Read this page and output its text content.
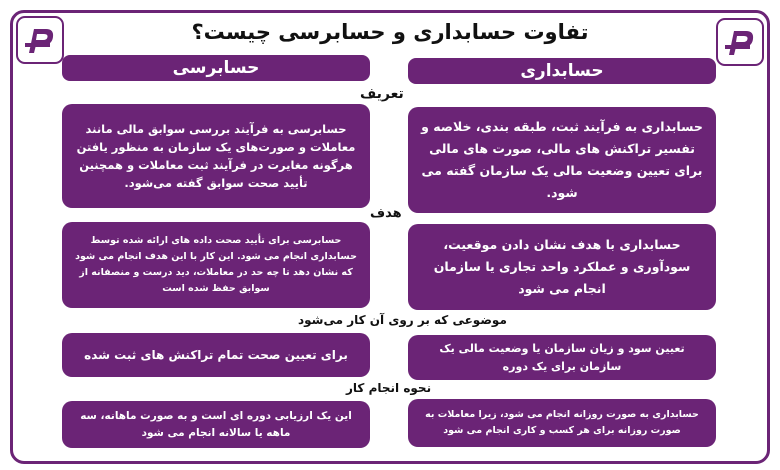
تفاوت حسابداری و حسابرسی چیست؟
حسابرسی	حسابداری
تعریف
حسابرسی به فرآیند بررسی سوابق مالی مانند معاملات و صورت‌های یک سازمان به منظور یافتن هرگونه مغایرت در فرآیند ثبت معاملات و همچنین تأیید صحت سوابق گفته می‌شود.
حسابداری به فرآیند ثبت، طبقه بندی، خلاصه و تفسیر تراکنش های مالی، صورت های مالی برای تعیین وضعیت مالی یک سازمان گفته می شود.
هدف
حسابرسی برای تأیید صحت داده های ارائه شده توسط حسابداری انجام می شود. این کار با این هدف انجام می شود که نشان دهد تا چه حد در معاملات، دید درست و منصفانه از سوابق حفظ شده است
حسابداری با هدف نشان دادن موقعیت، سودآوری و عملکرد واحد تجاری یا سازمان انجام می شود
موضوعی که بر روی آن کار می‌شود
برای تعیین صحت تمام تراکنش های ثبت شده	تعیین سود و زیان سازمان یا وضعیت مالی یک سازمان برای یک دوره
نحوه انجام کار
این یک ارزیابی دوره ای است و به صورت ماهانه، سه ماهه یا سالانه انجام می شود
حسابداری به صورت روزانه انجام می شود، زیرا معاملات به صورت روزانه برای هر کسب و کاری انجام می شود
